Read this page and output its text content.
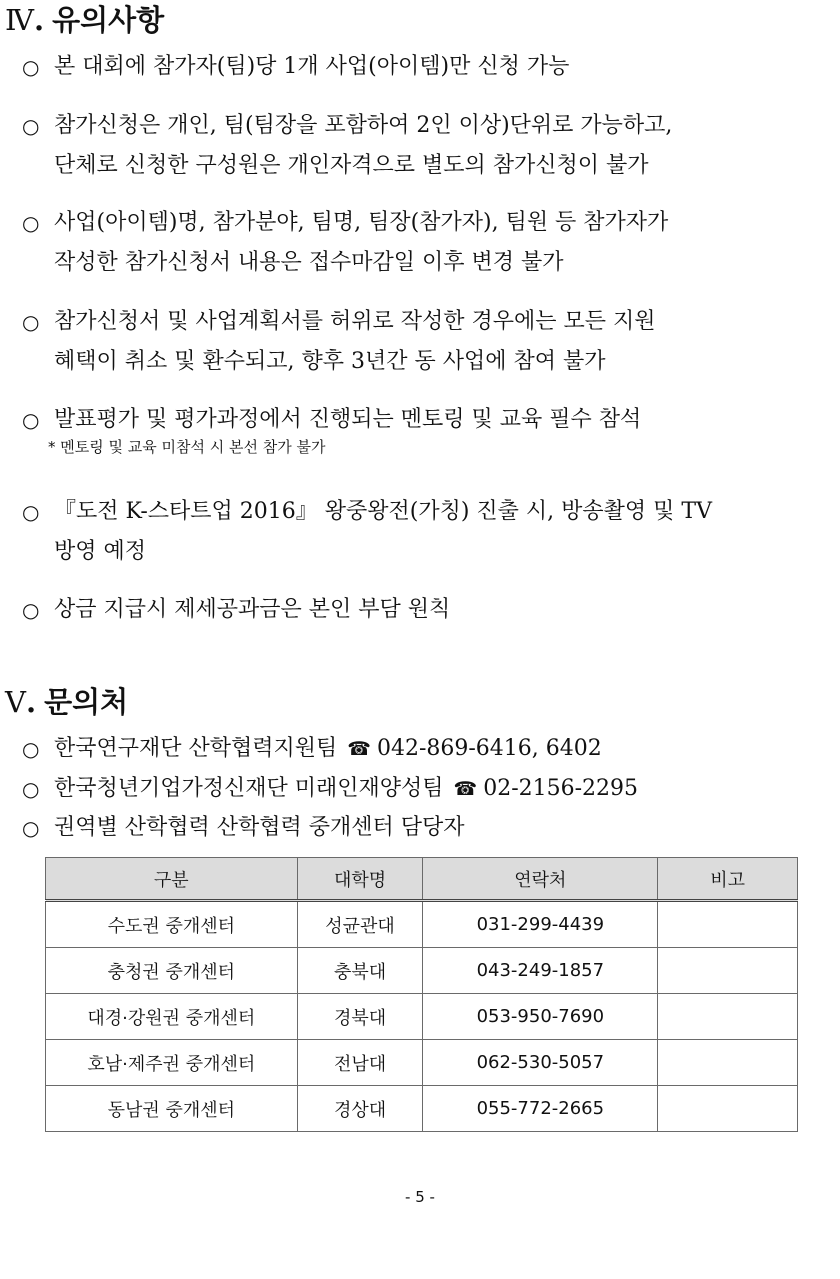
Ⅳ. 유의사항
○ 본 대회에 참가자(팀)당 1개 사업(아이템)만 신청 가능
○ 참가신청은 개인, 팀(팀장을 포함하여 2인 이상)단위로 가능하고,
단체로 신청한 구성원은 개인자격으로 별도의 참가신청이 불가
○ 사업(아이템)명, 참가분야, 팀명, 팀장(참가자), 팀원 등 참가자가
작성한 참가신청서 내용은 접수마감일 이후 변경 불가
○ 참가신청서 및 사업계획서를 허위로 작성한 경우에는 모든 지원
혜택이 취소 및 환수되고, 향후 3년간 동 사업에 참여 불가
○ 발표평가 및 평가과정에서 진행되는 멘토링 및 교육 필수 참석
* 멘토링 및 교육 미참석 시 본선 참가 불가
○ 『도전 K-스타트업 2016』 왕중왕전(가칭) 진출 시, 방송촬영 및 TV
방영 예정
○ 상금 지급시 제세공과금은 본인 부담 원칙
Ⅴ. 문의처
○ 한국연구재단 산학협력지원팀 ☎ 042-869-6416, 6402
○ 한국청년기업가정신재단 미래인재양성팀 ☎ 02-2156-2295
○ 권역별 산학협력 산학협력 중개센터 담당자
구분	대학명	연락처	비고
수도권 중개센터	성균관대	031-299-4439	
충청권 중개센터	충북대	043-249-1857	
대경·강원권 중개센터	경북대	053-950-7690	
호남·제주권 중개센터	전남대	062-530-5057	
동남권 중개센터	경상대	055-772-2665	
- 5 -
